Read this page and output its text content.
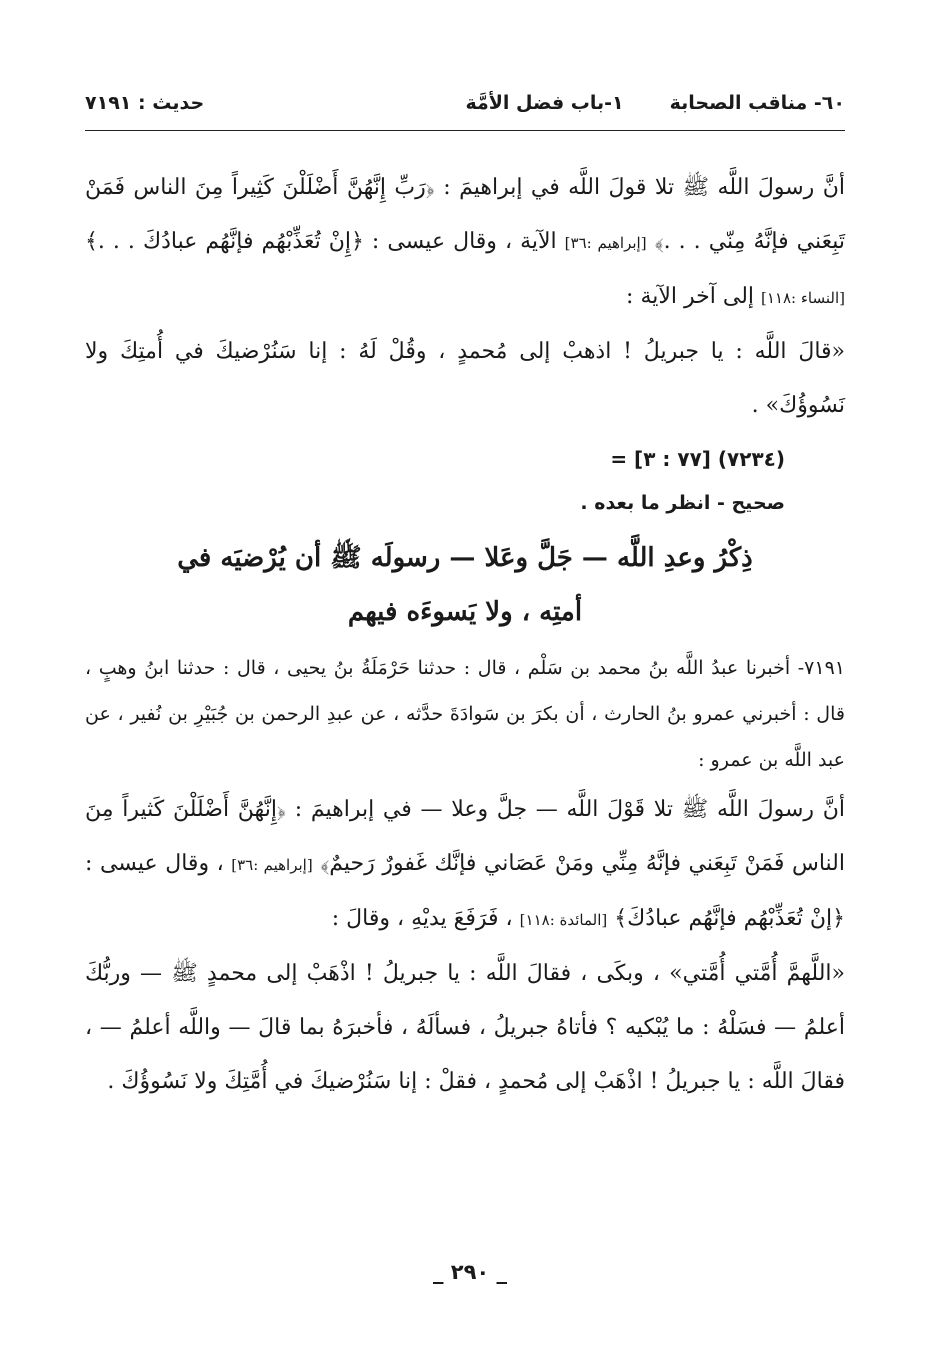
٦٠- مناقب الصحابة
١-باب فضل الأمَّة
حديث : ٧١٩١

أنَّ رسولَ اللَّه ﷺ تلا قولَ اللَّه في إبراهيمَ : ﴿رَبِّ إِنَّهُنَّ أَضْلَلْنَ كَثِيراً مِنَ الناس فَمَنْ تَبِعَني فإنَّهُ مِنّي . . .﴾ [إبراهيم :٣٦] الآية ، وقال عيسى : ﴿إِنْ تُعَذِّبْهُم فإنَّهُم عبادُكَ . . .﴾ [النساء :١١٨] إلى آخر الآية :

«قالَ اللَّه : يا جبريلُ ! اذهبْ إلى مُحمدٍ ، وقُلْ لَهُ : إنا سَنُرْضيكَ في أُمتِكَ ولا نَسُوؤُكَ» .

= [٧٧ : ٣] (٧٢٣٤)

صحيح - انظر ما بعده .

ذِكْرُ وعدِ اللَّه — جَلَّ وعَلا — رسولَه ﷺ أن يُرْضيَه في
أمتِه ، ولا يَسوءَه فيهم

٧١٩١- أخبرنا عبدُ اللَّه بنُ محمد بن سَلْم ، قال : حدثنا حَرْمَلَةُ بنُ يحيى ، قال : حدثنا ابنُ وهبٍ ، قال : أخبرني عمرو بنُ الحارث ، أن بكرَ بن سَوادَةَ حدَّثه ، عن عبدِ الرحمن بن جُبَيْرِ بن نُفير ، عن عبد اللَّه بن عمرو :

أنَّ رسولَ اللَّه ﷺ تلا قَوْلَ اللَّه — جلَّ وعلا — في إبراهيمَ : ﴿إِنَّهُنَّ أَضْلَلْنَ كَثيراً مِنَ الناس فَمَنْ تَبِعَني فإنَّهُ مِنِّي ومَنْ عَصَاني فإنَّك غَفورٌ رَحيمٌ﴾ [إبراهيم :٣٦] ، وقال عيسى : ﴿إنْ تُعَذِّبْهُم فإنَّهُم عبادُكَ﴾ [المائدة :١١٨] ، فَرَفَعَ يديْهِ ، وقالَ :

«اللَّهمَّ أُمَّتي أُمَّتي» ، وبكَى ، فقالَ اللَّه : يا جبريلُ ! اذْهَبْ إلى محمدٍ ﷺ — وربُّكَ أعلمُ — فسَلْهُ : ما يُبْكيه ؟ فأتاهُ جبريلُ ، فسألَهُ ، فأخبرَهُ بما قالَ — واللَّه أعلمُ — ، فقالَ اللَّه : يا جبريلُ ! اذْهَبْ إلى مُحمدٍ ، فقلْ : إنا سَنُرْضيكَ في أُمَّتِكَ ولا نَسُوؤُكَ .

_ ٢٩٠ _
